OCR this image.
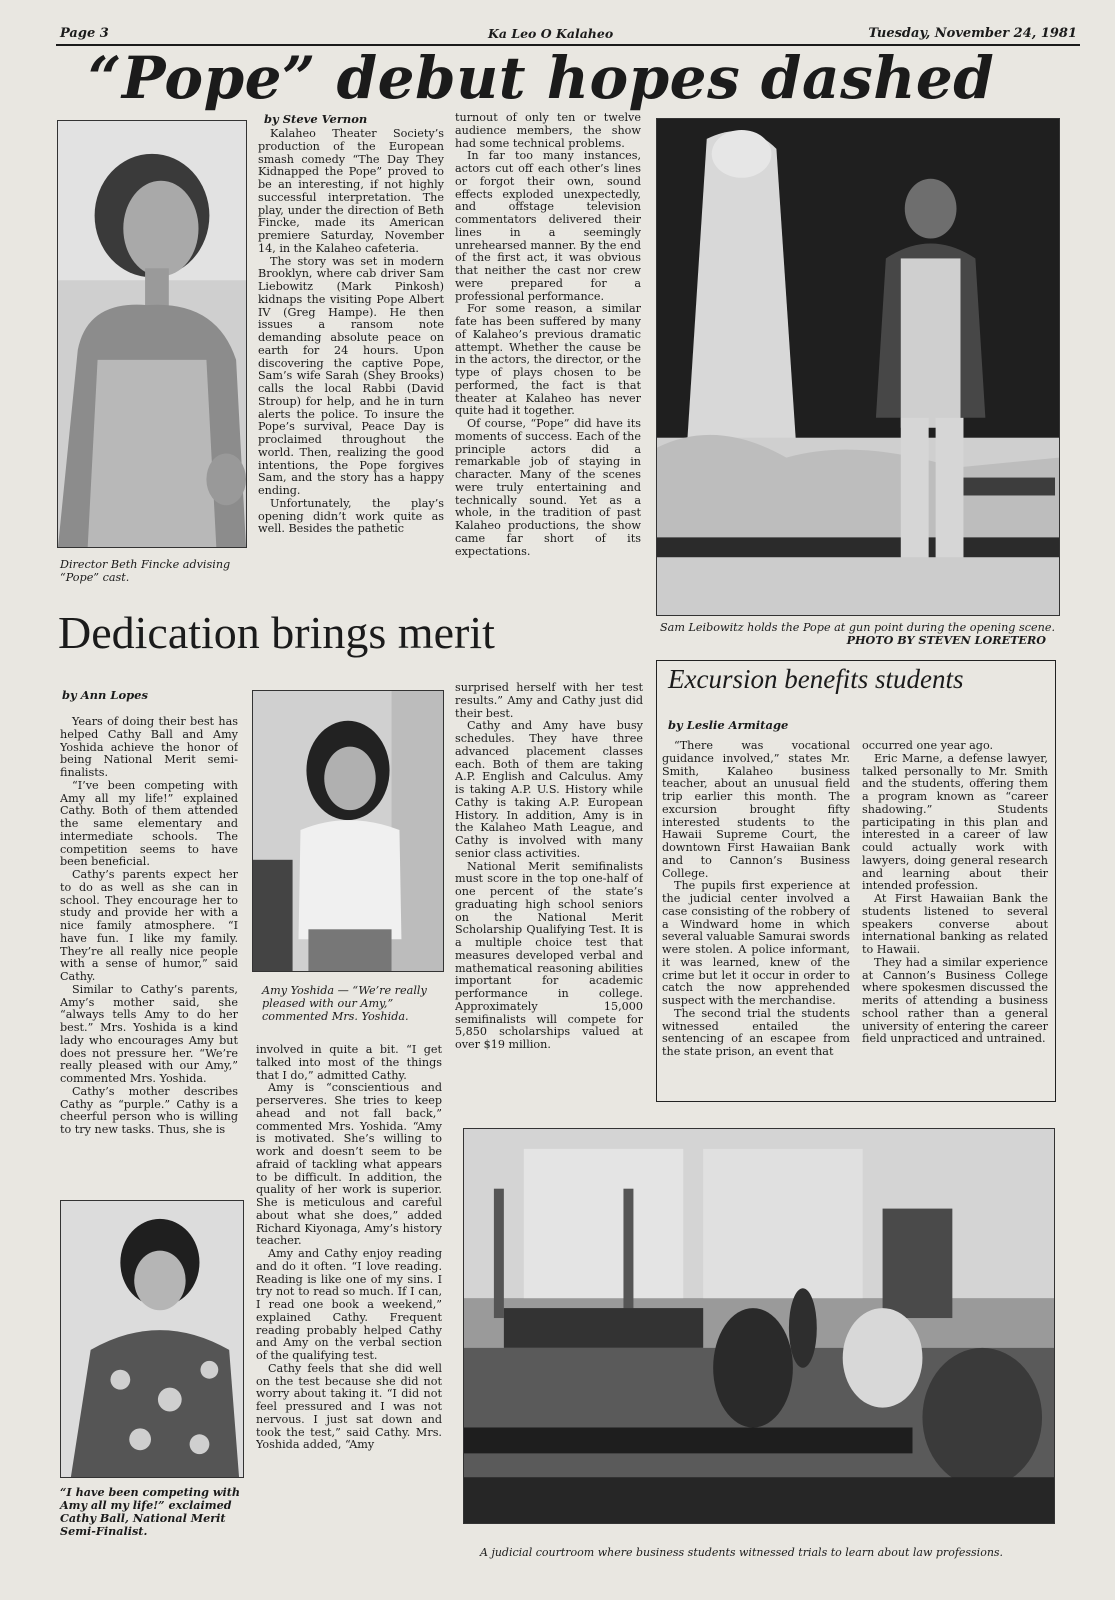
Page 3	Ka Leo O Kalaheo	Tuesday, November 24, 1981
“Pope” debut hopes dashed
Director Beth Fincke advising “Pope” cast.
by Steve Vernon

Kalaheo Theater Society’s production of the European smash comedy “The Day They Kidnapped the Pope” proved to be an interesting, if not highly successful interpretation. The play, under the direction of Beth Fincke, made its American premiere Saturday, November 14, in the Kalaheo cafeteria.

The story was set in modern Brooklyn, where cab driver Sam Liebowitz (Mark Pinkosh) kidnaps the visiting Pope Albert IV (Greg Hampe). He then issues a ransom note demanding absolute peace on earth for 24 hours. Upon discovering the captive Pope, Sam’s wife Sarah (Shey Brooks) calls the local Rabbi (David Stroup) for help, and he in turn alerts the police. To insure the Pope’s survival, Peace Day is proclaimed throughout the world. Then, realizing the good intentions, the Pope forgives Sam, and the story has a happy ending.

Unfortunately, the play’s opening didn’t work quite as well. Besides the pathetic

turnout of only ten or twelve audience members, the show had some technical problems.

In far too many instances, actors cut off each other’s lines or forgot their own, sound effects exploded unexpectedly, and offstage television commentators delivered their lines in a seemingly unrehearsed manner. By the end of the first act, it was obvious that neither the cast nor crew were prepared for a professional performance.

For some reason, a similar fate has been suffered by many of Kalaheo’s previous dramatic attempt. Whether the cause be in the actors, the director, or the type of plays chosen to be performed, the fact is that theater at Kalaheo has never quite had it together.

Of course, “Pope” did have its moments of success. Each of the principle actors did a remarkable job of staying in character. Many of the scenes were truly entertaining and technically sound. Yet as a whole, in the tradition of past Kalaheo productions, the show came far short of its expectations.

Sam Leibowitz holds the Pope at gun point during the opening scene.
PHOTO BY STEVEN LORETERO
Dedication brings merit
by Ann Lopes

Years of doing their best has helped Cathy Ball and Amy Yoshida achieve the honor of being National Merit semi-finalists.

“I’ve been competing with Amy all my life!” explained Cathy. Both of them attended the same elementary and intermediate schools. The competition seems to have been beneficial.

Cathy’s parents expect her to do as well as she can in school. They encourage her to study and provide her with a nice family atmosphere. “I have fun. I like my family. They’re all really nice people with a sense of humor,” said Cathy.

Similar to Cathy’s parents, Amy’s mother said, she “always tells Amy to do her best.” Mrs. Yoshida is a kind lady who encourages Amy but does not pressure her. “We’re really pleased with our Amy,” commented Mrs. Yoshida.

Cathy’s mother describes Cathy as “purple.” Cathy is a cheerful person who is willing to try new tasks. Thus, she is

Amy Yoshida — “We’re really pleased with our Amy,” commented Mrs. Yoshida.

involved in quite a bit. “I get talked into most of the things that I do,” admitted Cathy.

Amy is “conscientious and perserveres. She tries to keep ahead and not fall back,” commented Mrs. Yoshida. “Amy is motivated. She’s willing to work and doesn’t seem to be afraid of tackling what appears to be difficult. In addition, the quality of her work is superior. She is meticulous and careful about what she does,” added Richard Kiyonaga, Amy’s history teacher.

Amy and Cathy enjoy reading and do it often. “I love reading. Reading is like one of my sins. I try not to read so much. If I can, I read one book a weekend,” explained Cathy. Frequent reading probably helped Cathy and Amy on the verbal section of the qualifying test.

Cathy feels that she did well on the test because she did not worry about taking it. “I did not feel pressured and I was not nervous. I just sat down and took the test,” said Cathy. Mrs. Yoshida added, “Amy

surprised herself with her test results.” Amy and Cathy just did their best.

Cathy and Amy have busy schedules. They have three advanced placement classes each. Both of them are taking A.P. English and Calculus. Amy is taking A.P. U.S. History while Cathy is taking A.P. European History. In addition, Amy is in the Kalaheo Math League, and Cathy is involved with many senior class activities.

National Merit semifinalists must score in the top one-half of one percent of the state’s graduating high school seniors on the National Merit Scholarship Qualifying Test. It is a multiple choice test that measures developed verbal and mathematical reasoning abilities important for academic performance in college. Approximately 15,000 semifinalists will compete for 5,850 scholarships valued at over $19 million.

“I have been competing with Amy all my life!” exclaimed Cathy Ball, National Merit Semi-Finalist.
Excursion benefits students
by Leslie Armitage

“There was vocational guidance involved,” states Mr. Smith, Kalaheo business teacher, about an unusual field trip earlier this month. The excursion brought fifty interested students to the Hawaii Supreme Court, the downtown First Hawaiian Bank and to Cannon’s Business College.

The pupils first experience at the judicial center involved a case consisting of the robbery of a Windward home in which several valuable Samurai swords were stolen. A police informant, it was learned, knew of the crime but let it occur in order to catch the now apprehended suspect with the merchandise.

The second trial the students witnessed entailed the sentencing of an escapee from the state prison, an event that

occurred one year ago.

Eric Marne, a defense lawyer, talked personally to Mr. Smith and the students, offering them a program known as “career shadowing.” Students participating in this plan and interested in a career of law could actually work with lawyers, doing general research and learning about their intended profession.

At First Hawaiian Bank the students listened to several speakers converse about international banking as related to Hawaii.

They had a similar experience at Cannon’s Business College where spokesmen discussed the merits of attending a business school rather than a general university of entering the career field unpracticed and untrained.

A judicial courtroom where business students witnessed trials to learn about law professions.
